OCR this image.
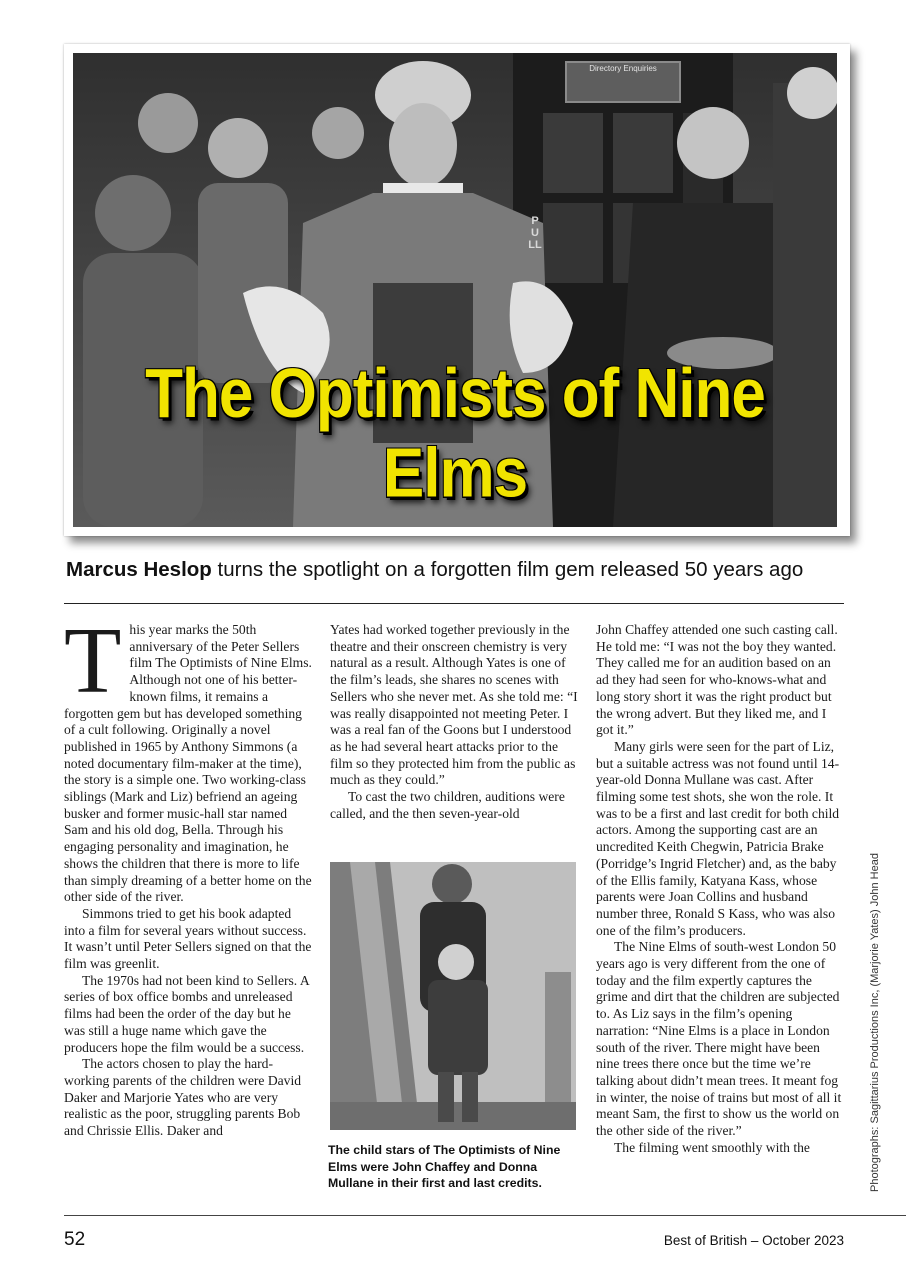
Directory Enquiries
PULL
The Optimists of Nine Elms
Marcus Heslop turns the spotlight on a forgotten film gem released 50 years ago

This year marks the 50th anniversary of the Peter Sellers film The Optimists of Nine Elms. Although not one of his better-known films, it remains a forgotten gem but has developed something of a cult following. Originally a novel published in 1965 by Anthony Simmons (a noted documentary film-maker at the time), the story is a simple one. Two working-class siblings (Mark and Liz) befriend an ageing busker and former music-hall star named Sam and his old dog, Bella. Through his engaging personality and imagination, he shows the children that there is more to life than simply dreaming of a better home on the other side of the river.

Simmons tried to get his book adapted into a film for several years without success. It wasn’t until Peter Sellers signed on that the film was greenlit.

The 1970s had not been kind to Sellers. A series of box office bombs and unreleased films had been the order of the day but he was still a huge name which gave the producers hope the film would be a success.

The actors chosen to play the hard-working parents of the children were David Daker and Marjorie Yates who are very realistic as the poor, struggling parents Bob and Chrissie Ellis. Daker and

Yates had worked together previously in the theatre and their onscreen chemistry is very natural as a result. Although Yates is one of the film’s leads, she shares no scenes with Sellers who she never met. As she told me: “I was really disappointed not meeting Peter. I was a real fan of the Goons but I understood as he had several heart attacks prior to the film so they protected him from the public as much as they could.”

To cast the two children, auditions were called, and the then seven-year-old

The child stars of The Optimists of Nine Elms were John Chaffey and Donna Mullane in their first and last credits.

John Chaffey attended one such casting call. He told me: “I was not the boy they wanted. They called me for an audition based on an ad they had seen for who-knows-what and long story short it was the right product but the wrong advert. But they liked me, and I got it.”

Many girls were seen for the part of Liz, but a suitable actress was not found until 14-year-old Donna Mullane was cast. After filming some test shots, she won the role. It was to be a first and last credit for both child actors. Among the supporting cast are an uncredited Keith Chegwin, Patricia Brake (Porridge’s Ingrid Fletcher) and, as the baby of the Ellis family, Katyana Kass, whose parents were Joan Collins and husband number three, Ronald S Kass, who was also one of the film’s producers.

The Nine Elms of south-west London 50 years ago is very different from the one of today and the film expertly captures the grime and dirt that the children are subjected to. As Liz says in the film’s opening narration: “Nine Elms is a place in London south of the river. There might have been nine trees there once but the time we’re talking about didn’t mean trees. It meant fog in winter, the noise of trains but most of all it meant Sam, the first to show us the world on the other side of the river.”

The filming went smoothly with the	Photographs: Sagittarius Productions Inc, (Marjorie Yates) John Head
52	Best of British – October 2023
